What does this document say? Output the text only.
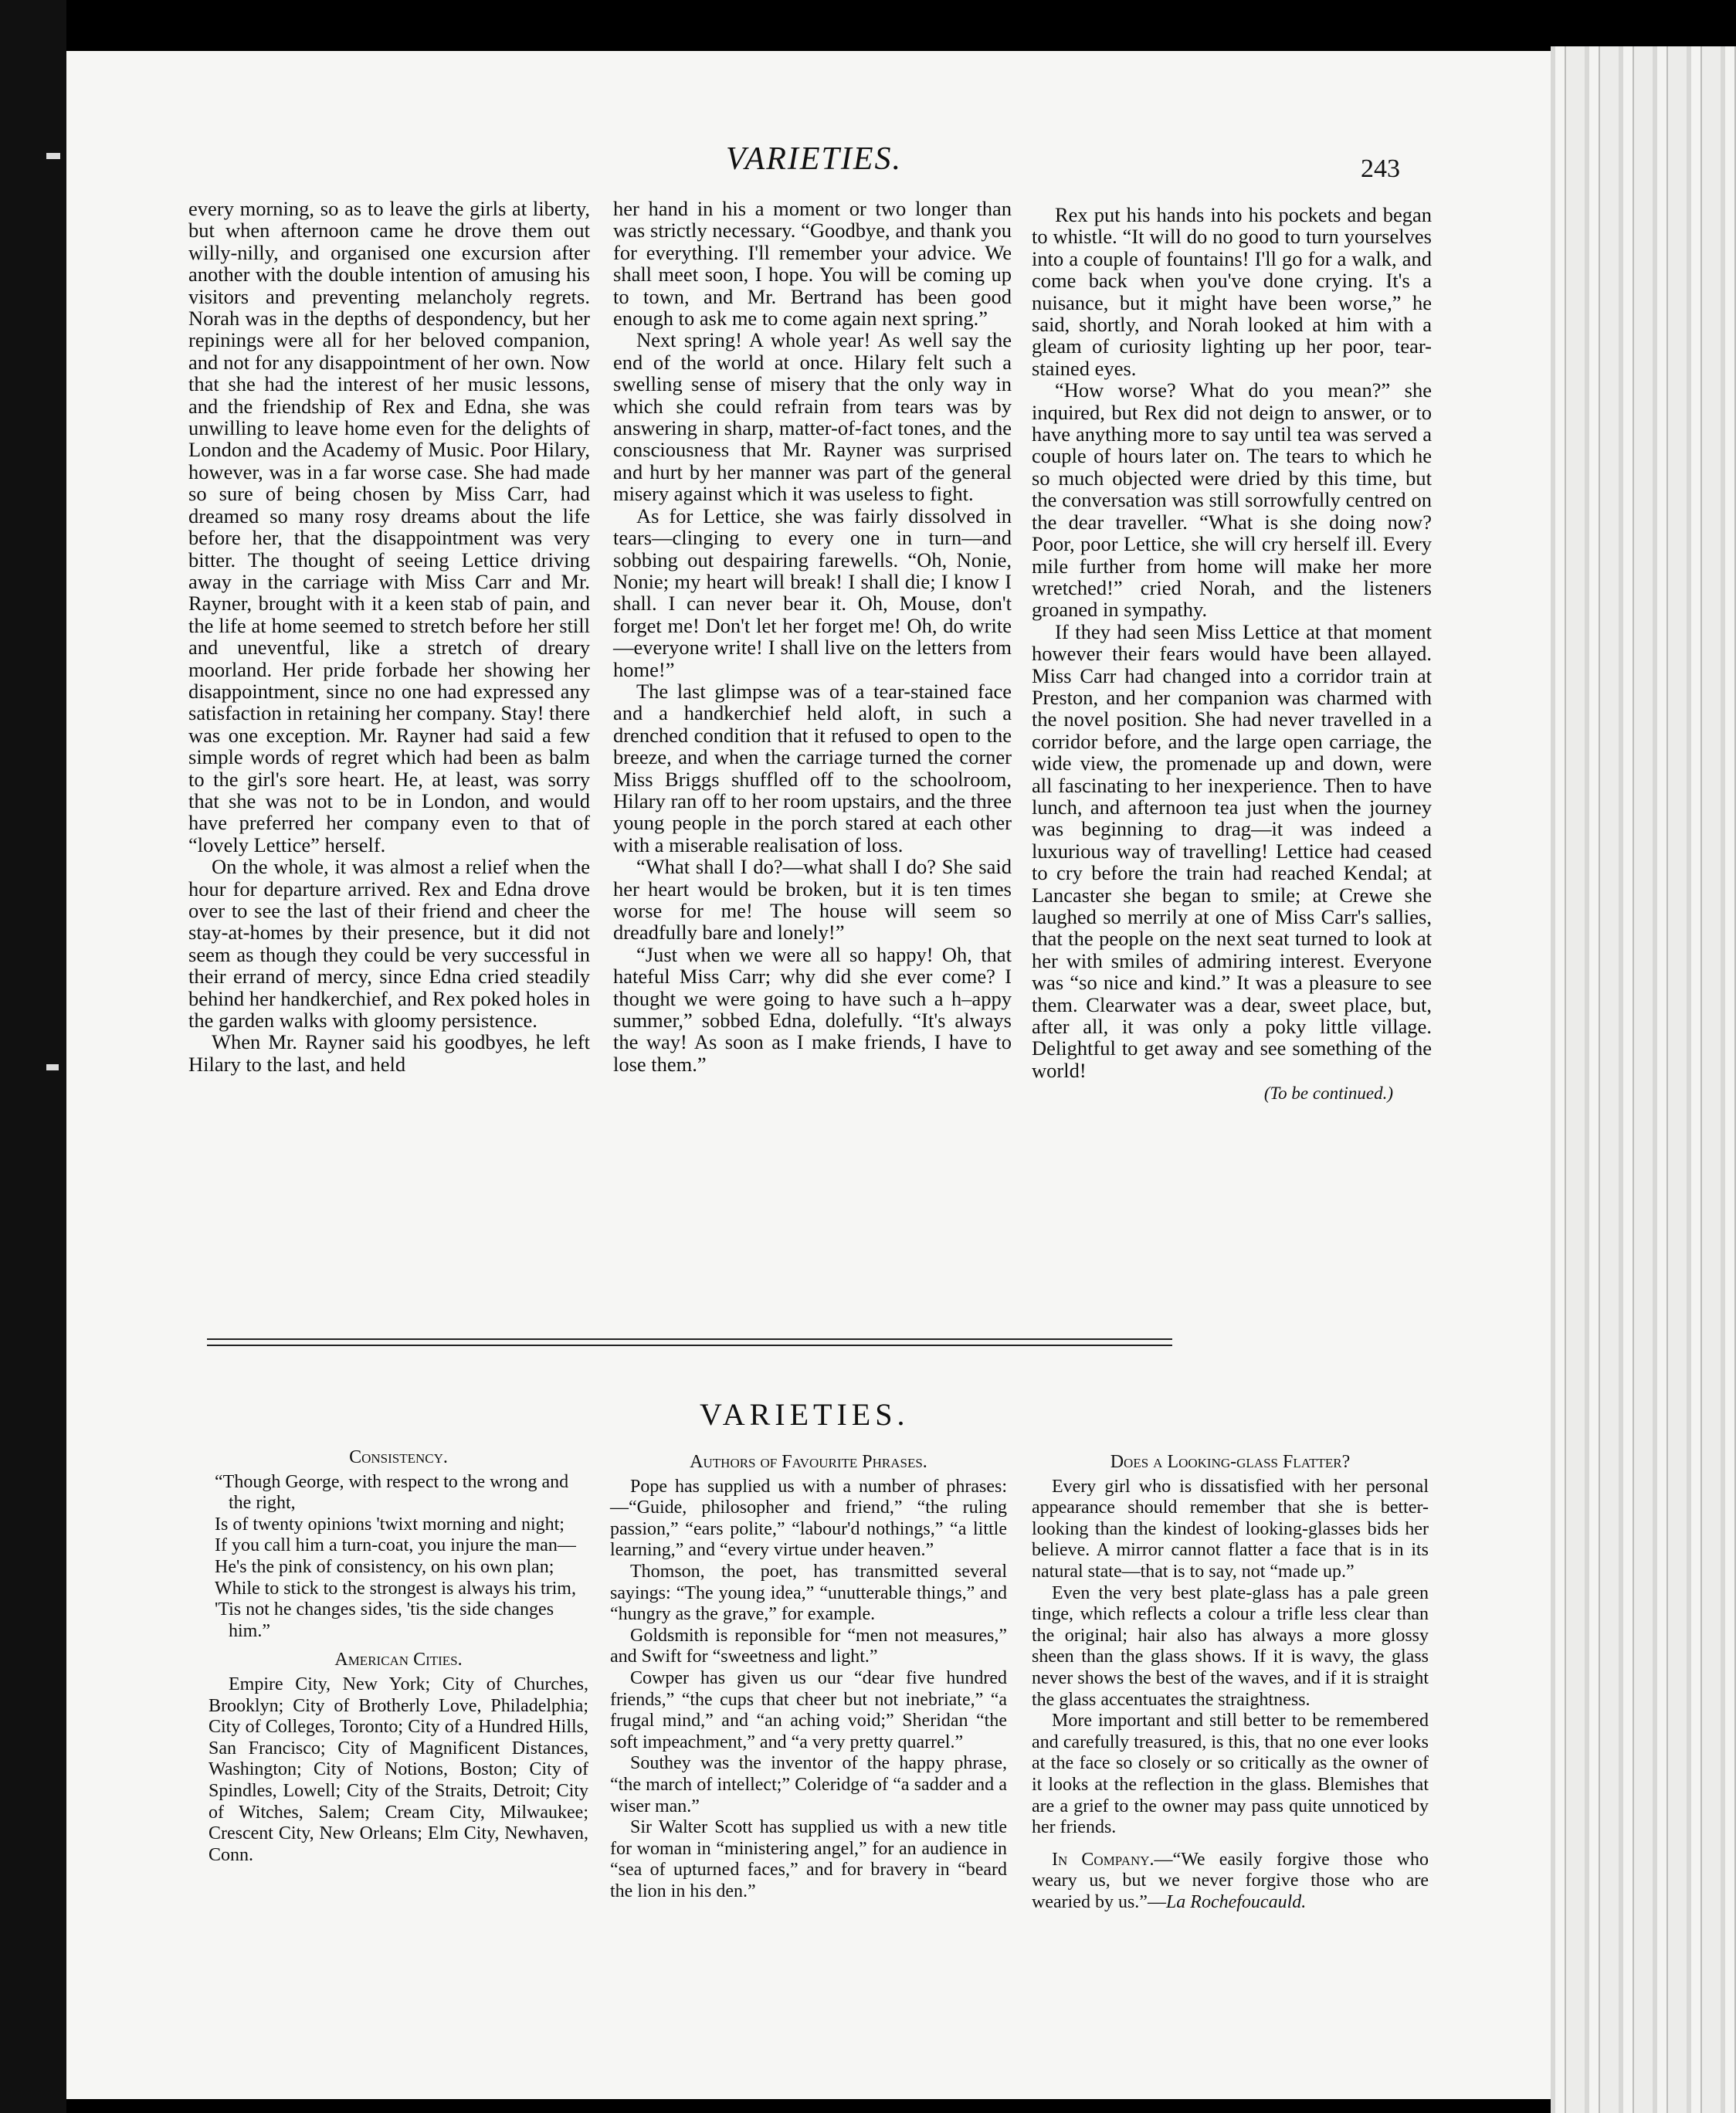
VARIETIES.	243

every morning, so as to leave the girls at liberty, but when afternoon came he drove them out willy-nilly, and organised one excursion after another with the double intention of amusing his visitors and preventing melancholy regrets. Norah was in the depths of despondency, but her repinings were all for her beloved companion, and not for any disappointment of her own. Now that she had the interest of her music lessons, and the friendship of Rex and Edna, she was unwilling to leave home even for the delights of London and the Academy of Music. Poor Hilary, however, was in a far worse case. She had made so sure of being chosen by Miss Carr, had dreamed so many rosy dreams about the life before her, that the disappointment was very bitter. The thought of seeing Lettice driving away in the carriage with Miss Carr and Mr. Rayner, brought with it a keen stab of pain, and the life at home seemed to stretch before her still and uneventful, like a stretch of dreary moorland. Her pride forbade her showing her disappointment, since no one had expressed any satisfaction in retaining her company. Stay! there was one exception. Mr. Rayner had said a few simple words of regret which had been as balm to the girl's sore heart. He, at least, was sorry that she was not to be in London, and would have preferred her company even to that of “lovely Lettice” herself.

On the whole, it was almost a relief when the hour for departure arrived. Rex and Edna drove over to see the last of their friend and cheer the stay-at-homes by their presence, but it did not seem as though they could be very successful in their errand of mercy, since Edna cried steadily behind her handkerchief, and Rex poked holes in the garden walks with gloomy persistence.

When Mr. Rayner said his goodbyes, he left Hilary to the last, and held

her hand in his a moment or two longer than was strictly necessary. “Goodbye, and thank you for everything. I'll remember your advice. We shall meet soon, I hope. You will be coming up to town, and Mr. Bertrand has been good enough to ask me to come again next spring.”

Next spring! A whole year! As well say the end of the world at once. Hilary felt such a swelling sense of misery that the only way in which she could refrain from tears was by answering in sharp, matter-of-fact tones, and the consciousness that Mr. Rayner was surprised and hurt by her manner was part of the general misery against which it was useless to fight.

As for Lettice, she was fairly dissolved in tears—clinging to every one in turn—and sobbing out despairing farewells. “Oh, Nonie, Nonie; my heart will break! I shall die; I know I shall. I can never bear it. Oh, Mouse, don't forget me! Don't let her forget me! Oh, do write—everyone write! I shall live on the letters from home!”

The last glimpse was of a tear-stained face and a handkerchief held aloft, in such a drenched condition that it refused to open to the breeze, and when the carriage turned the corner Miss Briggs shuffled off to the schoolroom, Hilary ran off to her room upstairs, and the three young people in the porch stared at each other with a miserable realisation of loss.

“What shall I do?—what shall I do? She said her heart would be broken, but it is ten times worse for me! The house will seem so dreadfully bare and lonely!”

“Just when we were all so happy! Oh, that hateful Miss Carr; why did she ever come? I thought we were going to have such a h–appy summer,” sobbed Edna, dolefully. “It's always the way! As soon as I make friends, I have to lose them.”

Rex put his hands into his pockets and began to whistle. “It will do no good to turn yourselves into a couple of fountains! I'll go for a walk, and come back when you've done crying. It's a nuisance, but it might have been worse,” he said, shortly, and Norah looked at him with a gleam of curiosity lighting up her poor, tear-stained eyes.

“How worse? What do you mean?” she inquired, but Rex did not deign to answer, or to have anything more to say until tea was served a couple of hours later on. The tears to which he so much objected were dried by this time, but the conversation was still sorrowfully centred on the dear traveller. “What is she doing now? Poor, poor Lettice, she will cry herself ill. Every mile further from home will make her more wretched!” cried Norah, and the listeners groaned in sympathy.

If they had seen Miss Lettice at that moment however their fears would have been allayed. Miss Carr had changed into a corridor train at Preston, and her companion was charmed with the novel position. She had never travelled in a corridor before, and the large open carriage, the wide view, the promenade up and down, were all fascinating to her inexperience. Then to have lunch, and afternoon tea just when the journey was beginning to drag—it was indeed a luxurious way of travelling! Lettice had ceased to cry before the train had reached Kendal; at Lancaster she began to smile; at Crewe she laughed so merrily at one of Miss Carr's sallies, that the people on the next seat turned to look at her with smiles of admiring interest. Everyone was “so nice and kind.” It was a pleasure to see them. Clearwater was a dear, sweet place, but, after all, it was only a poky little village. Delightful to get away and see something of the world!

(To be continued.)
VARIETIES.
Consistency.
“Though George, with respect to the wrong and the right,
Is of twenty opinions 'twixt morning and night;
If you call him a turn-coat, you injure the man—
He's the pink of consistency, on his own plan;
While to stick to the strongest is always his trim,
'Tis not he changes sides, 'tis the side changes him.”
American Cities.

Empire City, New York; City of Churches, Brooklyn; City of Brotherly Love, Philadelphia; City of Colleges, Toronto; City of a Hundred Hills, San Francisco; City of Magnificent Distances, Washington; City of Notions, Boston; City of Spindles, Lowell; City of the Straits, Detroit; City of Witches, Salem; Cream City, Milwaukee; Crescent City, New Orleans; Elm City, Newhaven, Conn.

Authors of Favourite Phrases.

Pope has supplied us with a number of phrases:—“Guide, philosopher and friend,” “the ruling passion,” “ears polite,” “labour'd nothings,” “a little learning,” and “every virtue under heaven.”

Thomson, the poet, has transmitted several sayings: “The young idea,” “unutterable things,” and “hungry as the grave,” for example.

Goldsmith is reponsible for “men not measures,” and Swift for “sweetness and light.”

Cowper has given us our “dear five hundred friends,” “the cups that cheer but not inebriate,” “a frugal mind,” and “an aching void;” Sheridan “the soft impeachment,” and “a very pretty quarrel.”

Southey was the inventor of the happy phrase, “the march of intellect;” Coleridge of “a sadder and a wiser man.”

Sir Walter Scott has supplied us with a new title for woman in “ministering angel,” for an audience in “sea of upturned faces,” and for bravery in “beard the lion in his den.”

Does a Looking-glass Flatter?

Every girl who is dissatisfied with her personal appearance should remember that she is better-looking than the kindest of looking-glasses bids her believe. A mirror cannot flatter a face that is in its natural state—that is to say, not “made up.”

Even the very best plate-glass has a pale green tinge, which reflects a colour a trifle less clear than the original; hair also has always a more glossy sheen than the glass shows. If it is wavy, the glass never shows the best of the waves, and if it is straight the glass accentuates the straightness.

More important and still better to be remembered and carefully treasured, is this, that no one ever looks at the face so closely or so critically as the owner of it looks at the reflection in the glass. Blemishes that are a grief to the owner may pass quite unnoticed by her friends.

In Company.—“We easily forgive those who weary us, but we never forgive those who are wearied by us.”—La Rochefoucauld.
